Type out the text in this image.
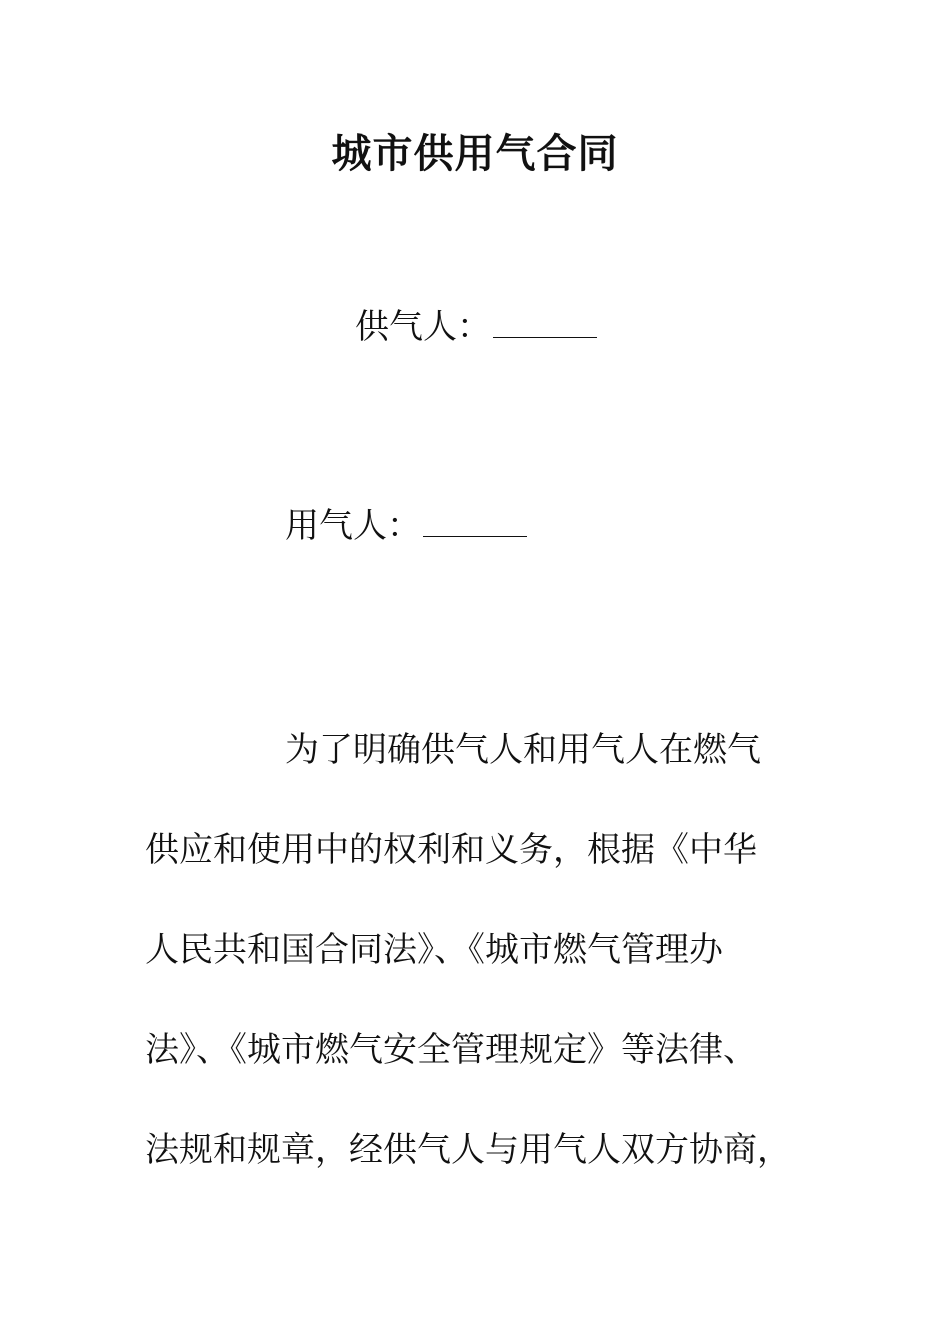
城市供用气合同

供气人：

用气人：

为了明确供气人和用气人在燃气
供应和使用中的权利和义务，根据《中华
人民共和国合同法》、《城市燃气管理办
法》、《城市燃气安全管理规定》等法律、
法规和规章，经供气人与用气人双方协商，
